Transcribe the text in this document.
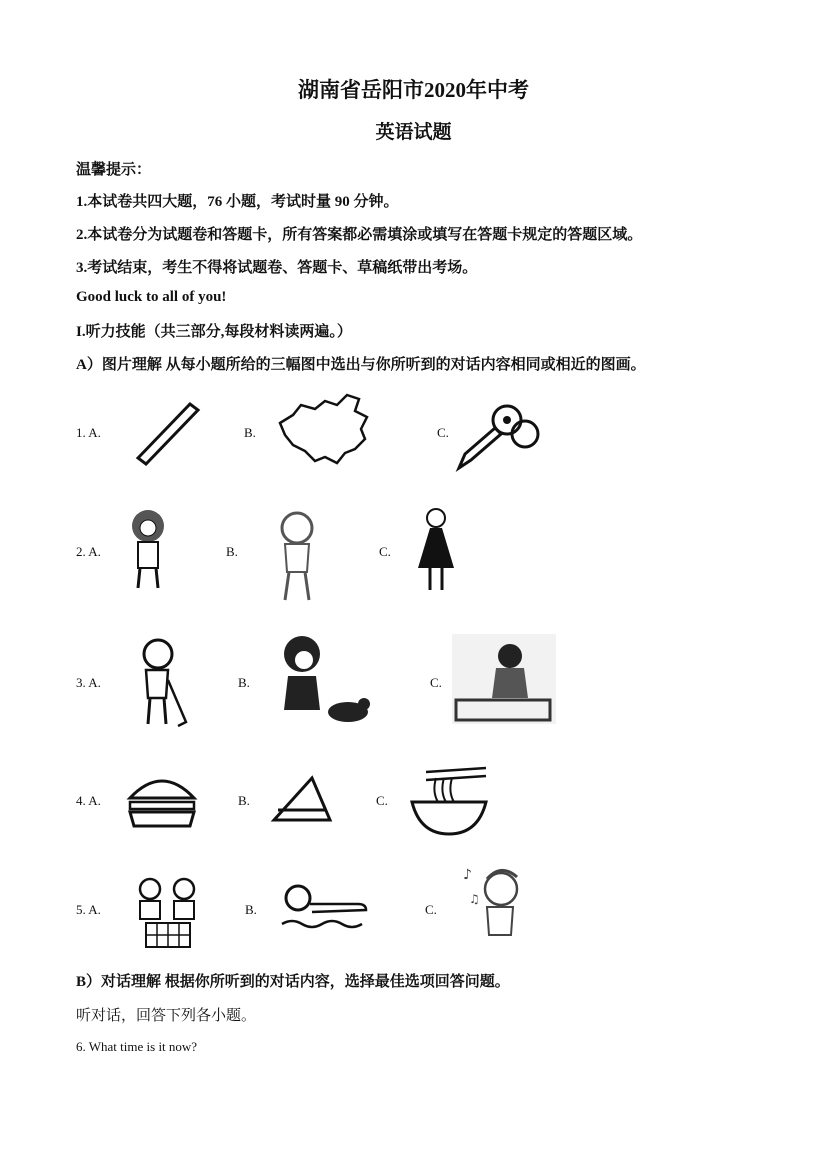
湖南省岳阳市2020年中考
英语试题
温馨提示：
1.本试卷共四大题，76 小题，考试时量 90 分钟。
2.本试卷分为试题卷和答题卡，所有答案都必需填涂或填写在答题卡规定的答题区域。
3.考试结束，考生不得将试题卷、答题卡、草稿纸带出考场。
Good luck to all of you!
I.听力技能（共三部分,每段材料读两遍。）
A）图片理解 从每小题所给的三幅图中选出与你所听到的对话内容相同或相近的图画。
1. A.	B.	C.
2. A.	B.	C.
3. A.	B.	C.
4. A.	B.	C.
5. A.	B.	C.
♪
♫
B）对话理解 根据你所听到的对话内容，选择最佳选项回答问题。
听对话，回答下列各小题。
6. What time is it now?
